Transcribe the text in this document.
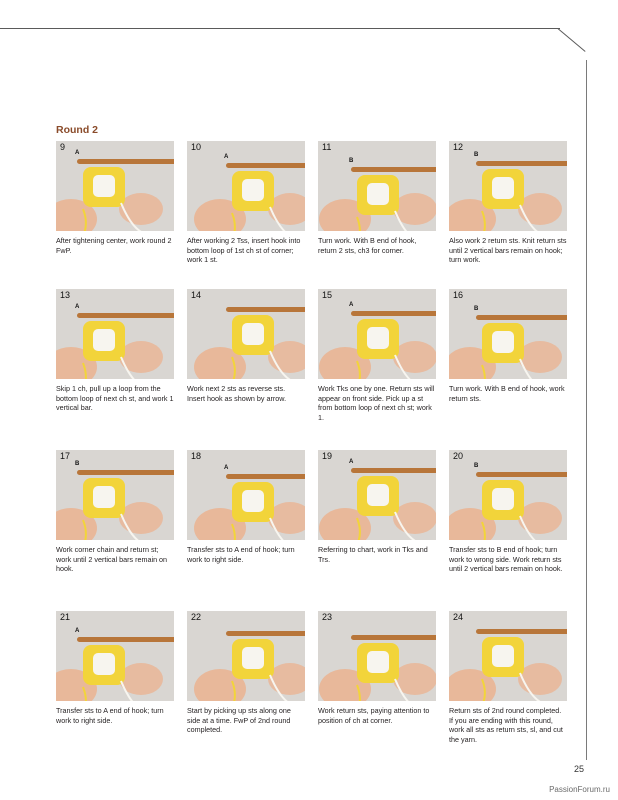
Round 2
9
A
After tightening center, work round 2 FwP.
10
A
After working 2 Tss, insert hook into bottom loop of 1st ch st of corner; work 1 st.
11
B
Turn work. With B end of hook, return 2 sts, ch3 for corner.
12
B
Also work 2 return sts. Knit return sts until 2 vertical bars remain on hook; turn work.
13
A
Skip 1 ch, pull up a loop from the bottom loop of next ch st, and work 1 vertical bar.
14
Work next 2 sts as reverse sts. Insert hook as shown by arrow.
15
A
Work Tks one by one. Return sts will appear on front side. Pick up a st from bottom loop of next ch st; work 1.
16
B
Turn work. With B end of hook, work return sts.
17
B
Work corner chain and return st; work until 2 vertical bars remain on hook.
18
A
Transfer sts to A end of hook; turn work to right side.
19
A
Referring to chart, work in Tks and Trs.
20
B
Transfer sts to B end of hook; turn work to wrong side. Work return sts until 2 vertical bars remain on hook.
21
A
Transfer sts to A end of hook; turn work to right side.
22
Start by picking up sts along one side at a time. FwP of 2nd round completed.
23
Work return sts, paying attention to position of ch at corner.
24
Return sts of 2nd round completed. If you are ending with this round, work all sts as return sts, sl, and cut the yarn.
25
PassionForum.ru
